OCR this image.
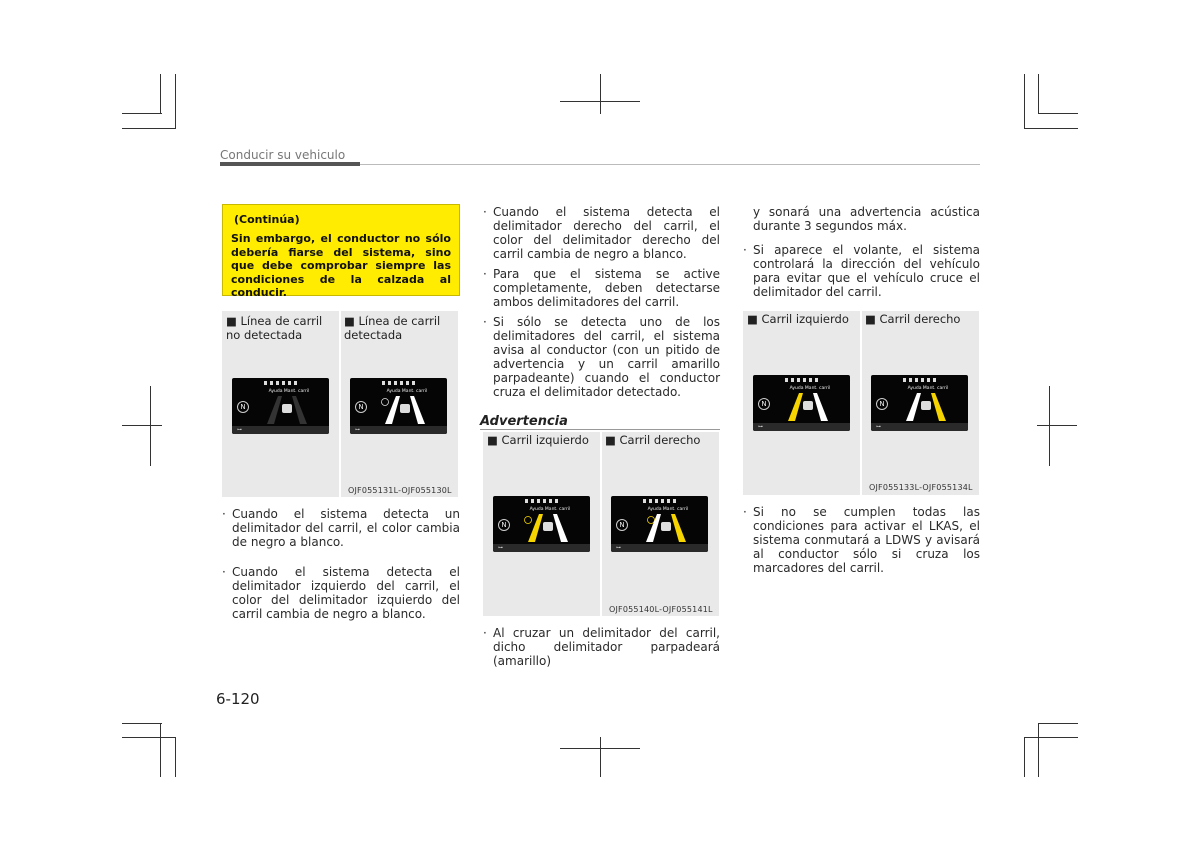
Conducir su vehiculo
(Continúa)
Sin embargo, el conductor no sólo debería fiarse del sistema, sino que debe comprobar siempre las condiciones de la calzada al conducir.
■ Línea de carril no detectada
■ Línea de carril detectada
Ayuda Mant. carril
N
⊶
Ayuda Mant. carril
N
⊶
OJF055131L-OJF055130L
· Cuando el sistema detecta un delimitador del carril, el color cambia de negro a blanco.
· Cuando el sistema detecta el delimitador izquierdo del carril, el color del delimitador izquierdo del carril cambia de negro a blanco.
· Cuando el sistema detecta el delimitador derecho del carril, el color del delimitador derecho del carril cambia de negro a blanco.
· Para que el sistema se active completamente, deben detectarse ambos delimitadores del carril.
· Si sólo se detecta uno de los delimitadores del carril, el sistema avisa al conductor (con un pitido de advertencia y un carril amarillo parpadeante) cuando el conductor cruza el delimitador detectado.
Advertencia
■ Carril izquierdo ■ Carril derecho
Ayuda Mant. carril
N
⊶
Ayuda Mant. carril
N
⊶
OJF055140L-OJF055141L
· Al cruzar un delimitador del carril, dicho delimitador parpadeará (amarillo)
y sonará una advertencia acústica durante 3 segundos máx.
· Si aparece el volante, el sistema controlará la dirección del vehículo para evitar que el vehículo cruce el delimitador del carril.
■ Carril izquierdo ■ Carril derecho
Ayuda Mant. carril
N
⊶
Ayuda Mant. carril
N
⊶
OJF055133L-OJF055134L
· Si no se cumplen todas las condiciones para activar el LKAS, el sistema conmutará a LDWS y avisará al conductor sólo si cruza los marcadores del carril.
6-120
